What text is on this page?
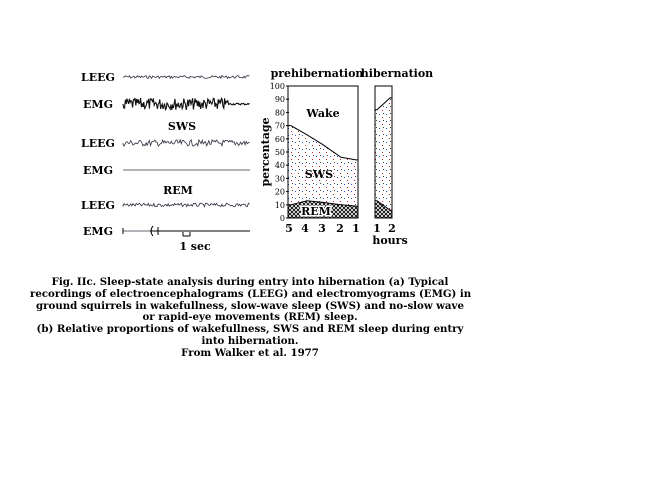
LEEG
EMG
LEEG
EMG
LEEG
EMG
SWS
REM
1 sec
prehibernation
hibernation
percentage
0
10
20
30
40
50
60
70
80
90
100
REM
Wake
SWS
5 4 3 2 1 1 2
hours
Fig. IIc. Sleep-state analysis during entry into hibernation (a) Typical
recordings of electroencephalograms (LEEG) and electromyograms (EMG) in
ground squirrels in wakefullness, slow-wave sleep (SWS) and no-slow wave
or rapid-eye movements (REM) sleep.
(b) Relative proportions of wakefullness, SWS and REM sleep during entry
into hibernation.
From Walker et al. 1977
